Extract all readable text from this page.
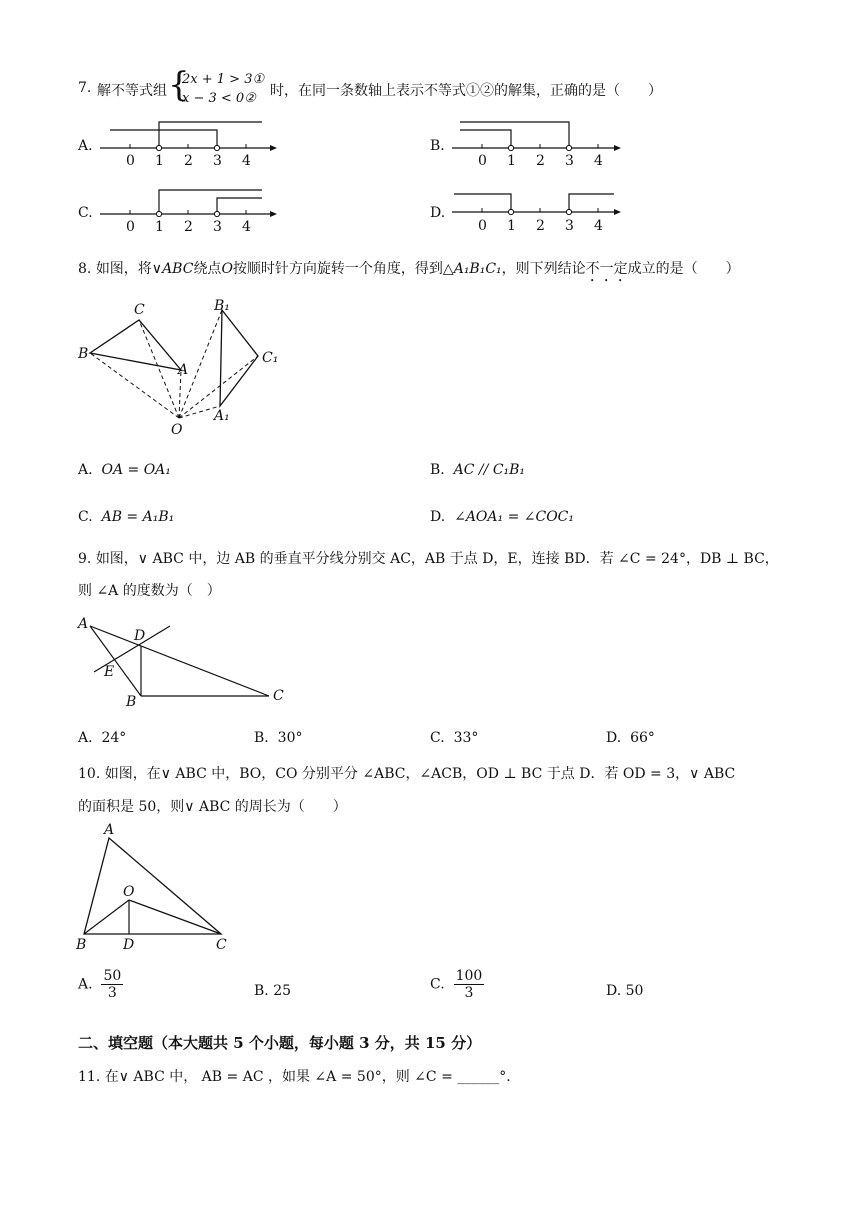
7. 解不等式组 {
2x + 1 > 3①
x − 3 < 0② 时，在同一条数轴上表示不等式①②的解集，正确的是（　　）
A.
0 1 2 3 4
B.
0 1 2 3 4
C.
0 1 2 3 4
D.
0 1 2 3 4
8. 如图，将∨ABC绕点O按顺时针方向旋转一个角度，得到△A₁B₁C₁，则下列结论不一定成立的是（　　）
C
B
A
O
B₁
C₁
A₁
A. OA = OA₁	B. AC // C₁B₁
C. AB = A₁B₁	D. ∠AOA₁ = ∠COC₁
9. 如图，∨ ABC 中，边 AB 的垂直平分线分别交 AC，AB 于点 D，E，连接 BD．若 ∠C = 24°，DB ⊥ BC，
则 ∠A 的度数为（　）
A
D
E
B	C
A. 24°	B. 30°	C. 33°	D. 66°
10. 如图，在∨ ABC 中，BO，CO 分别平分 ∠ABC，∠ACB，OD ⊥ BC 于点 D．若 OD = 3，∨ ABC
的面积是 50，则∨ ABC 的周长为（　　）
A
O
B	D	C
A. $\frac{50}{3}$	B. 25	C. $\frac{100}{3}$	D. 50
二、填空题（本大题共 5 个小题，每小题 3 分，共 15 分）
11. 在∨ ABC 中， AB = AC ，如果 ∠A = 50°，则 ∠C = ______°.
